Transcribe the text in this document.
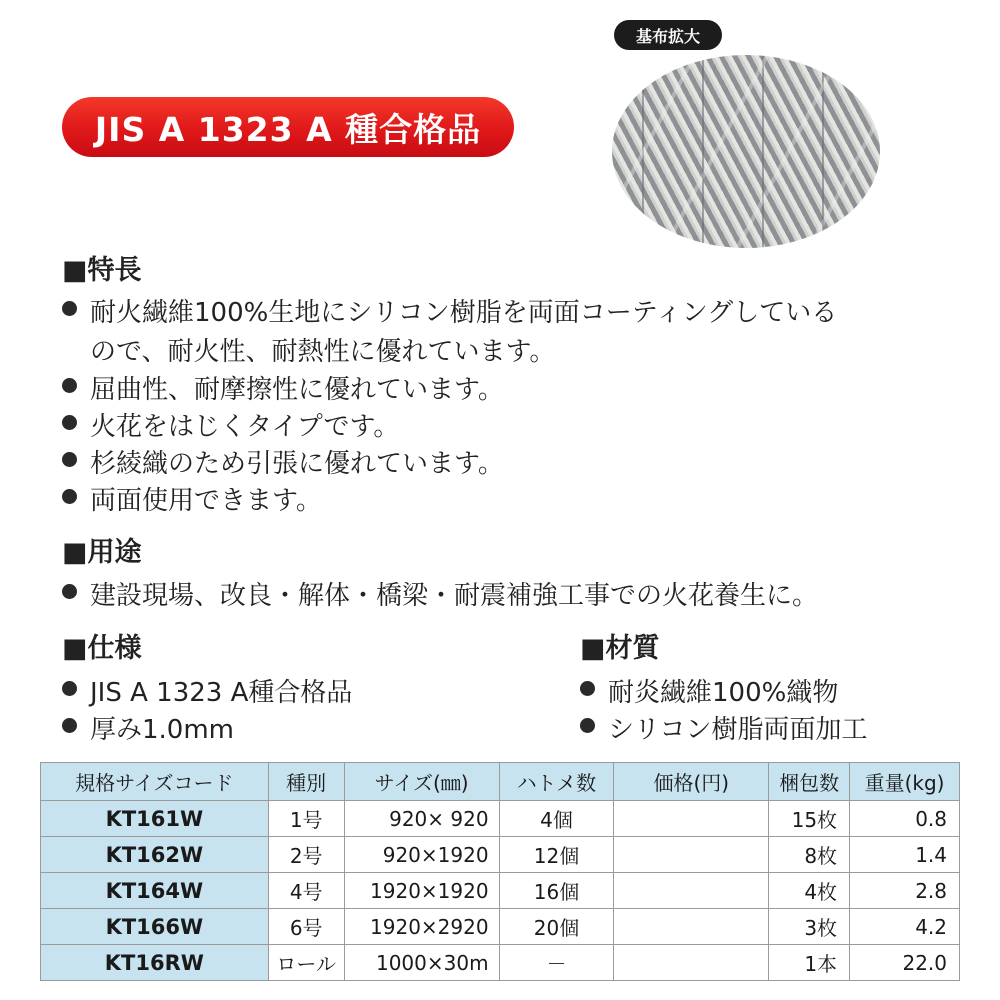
JIS A 1323 A 種合格品
基布拡大
■特長
耐火繊維100%生地にシリコン樹脂を両面コーティングしている
ので、耐火性、耐熱性に優れています。
屈曲性、耐摩擦性に優れています。
火花をはじくタイプです。
杉綾織のため引張に優れています。
両面使用できます。
■用途
建設現場、改良・解体・橋梁・耐震補強工事での火花養生に。
■仕様
JIS A 1323 A種合格品
厚み1.0mm
■材質
耐炎繊維100%織物
シリコン樹脂両面加工
規格サイズコード	種別	サイズ(㎜)	ハトメ数	価格(円)	梱包数	重量(kg)
KT161W	1号	920× 920	4個		15枚	0.8
KT162W	2号	920×1920	12個		8枚	1.4
KT164W	4号	1920×1920	16個		4枚	2.8
KT166W	6号	1920×2920	20個		3枚	4.2
KT16RW	ロール	1000×30m	－		1本	22.0
